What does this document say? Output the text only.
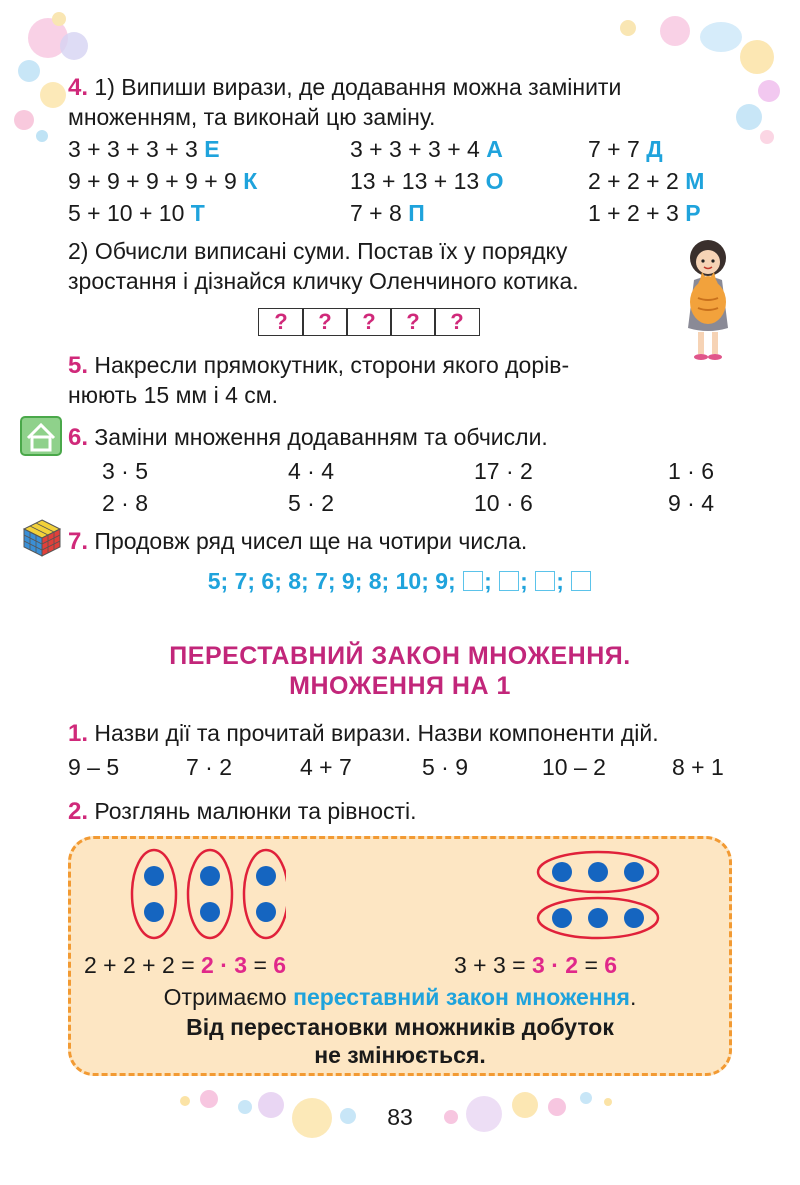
4. 1) Випиши вирази, де додавання можна замінити
множенням, та виконай цю заміну.
3 + 3 + 3 + 3 Е	3 + 3 + 3 + 4 А	7 + 7 Д
9 + 9 + 9 + 9 + 9 К	13 + 13 + 13 О	2 + 2 + 2 М
5 + 10 + 10 Т	7 + 8 П	1 + 2 + 3 Р
2) Обчисли виписані суми. Постав їх у порядку
зростання і дізнайся кличку Оленчиного котика.
?	?	?	?	?
5. Накресли прямокутник, сторони якого дорів-
нюють 15 мм і 4 см.
6. Заміни множення додаванням та обчисли.
3 · 5	4 · 4	17 · 2	1 · 6
2 · 8	5 · 2	10 · 6	9 · 4
7. Продовж ряд чисел ще на чотири числа.
5; 7; 6; 8; 7; 9; 8; 10; 9; ; ; ;
ПЕРЕСТАВНИЙ ЗАКОН МНОЖЕННЯ.
МНОЖЕННЯ НА 1
1. Назви дії та прочитай вирази. Назви компоненти дій.
9 – 5	7 · 2	4 + 7	5 · 9	10 – 2	8 + 1
2. Розглянь малюнки та рівності.
2 + 2 + 2 = 2 · 3 = 6	3 + 3 = 3 · 2 = 6
Отримаємо переставний закон множення.
Від перестановки множників добуток
не змінюється.
83
